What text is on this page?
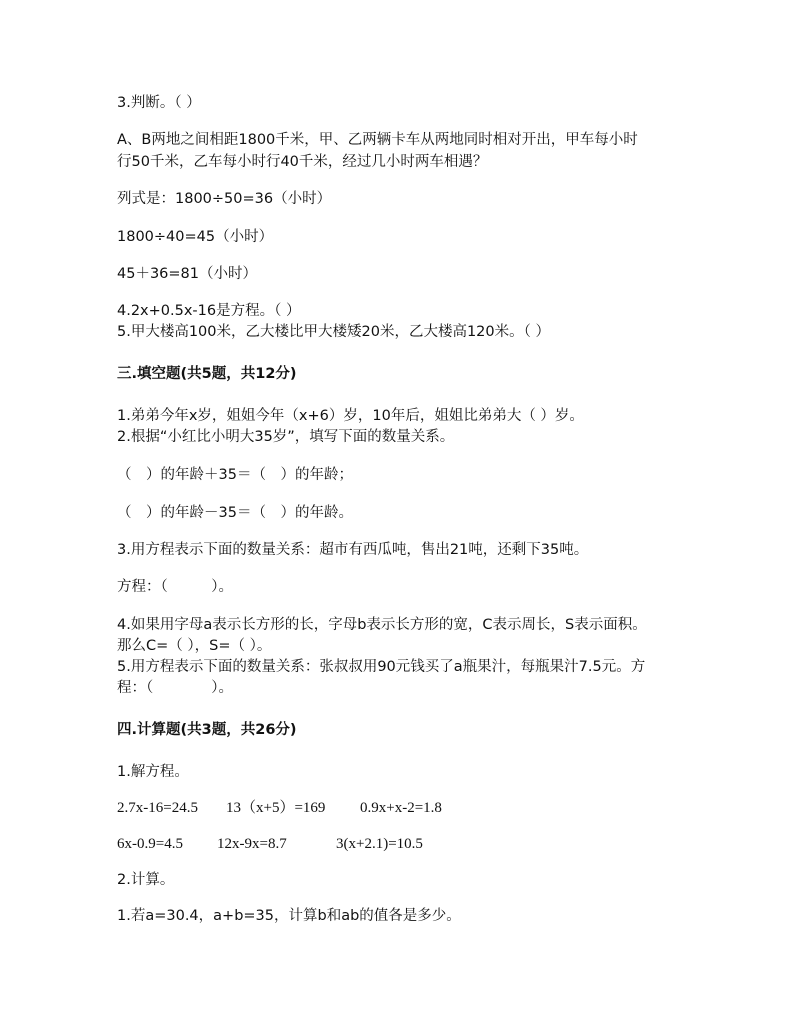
3.判断。（ ）
A、B两地之间相距1800千米，甲、乙两辆卡车从两地同时相对开出，甲车每小时
行50千米，乙车每小时行40千米，经过几小时两车相遇？
列式是：1800÷50=36（小时）
1800÷40=45（小时）
45＋36=81（小时）
4.2x+0.5x-16是方程。（ ）
5.甲大楼高100米，乙大楼比甲大楼矮20米，乙大楼高120米。（ ）
三.填空题(共5题，共12分)
1.弟弟今年x岁，姐姐今年（x+6）岁，10年后，姐姐比弟弟大（ ）岁。
2.根据“小红比小明大35岁”，填写下面的数量关系。
（　）的年龄＋35＝（　）的年龄；
（　）的年龄－35＝（　）的年龄。
3.用方程表示下面的数量关系：超市有西瓜吨，售出21吨，还剩下35吨。
方程：（　　　）。
4.如果用字母a表示长方形的长，字母b表示长方形的宽，C表示周长，S表示面积。
那么C=（ ），S=（ ）。
5.用方程表示下面的数量关系：张叔叔用90元钱买了a瓶果汁，每瓶果汁7.5元。方
程：（　　　　）。
四.计算题(共3题，共26分)
1.解方程。
2.7x-16=24.5 13（x+5）=169 0.9x+x-2=1.8
6x-0.9=4.5 12x-9x=8.7	3(x+2.1)=10.5
2.计算。
1.若a=30.4，a+b=35，计算b和ab的值各是多少。
